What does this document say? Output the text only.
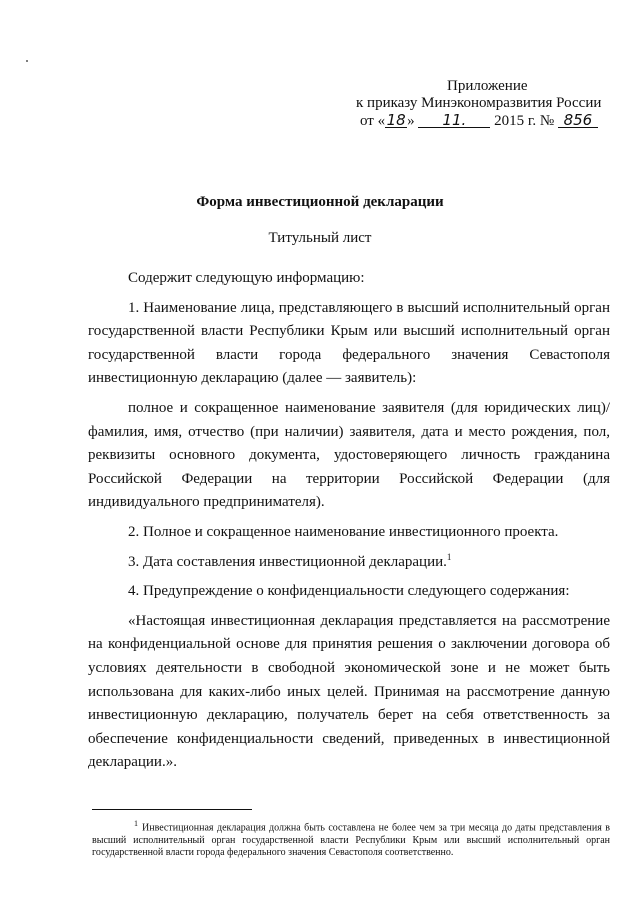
Приложение
к приказу Минэкономразвития России
от «18» 11. 2015 г. № 856
Форма инвестиционной декларации
Титульный лист

Содержит следующую информацию:

1. Наименование лица, представляющего в высший исполнительный орган государственной власти Республики Крым или высший исполнительный орган государственной власти города федерального значения Севастополя инвестиционную декларацию (далее — заявитель):

полное и сокращенное наименование заявителя (для юридических лиц)/фамилия, имя, отчество (при наличии) заявителя, дата и место рождения, пол, реквизиты основного документа, удостоверяющего личность гражданина Российской Федерации на территории Российской Федерации (для индивидуального предпринимателя).

2. Полное и сокращенное наименование инвестиционного проекта.

3. Дата составления инвестиционной декларации.$^1$

4. Предупреждение о конфиденциальности следующего содержания:

«Настоящая инвестиционная декларация представляется на рассмотрение на конфиденциальной основе для принятия решения о заключении договора об условиях деятельности в свободной экономической зоне и не может быть использована для каких-либо иных целей. Принимая на рассмотрение данную инвестиционную декларацию, получатель берет на себя ответственность за обеспечение конфиденциальности сведений, приведенных в инвестиционной декларации.».

$^1$ Инвестиционная декларация должна быть составлена не более чем за три месяца до даты представления в высший исполнительный орган государственной власти Республики Крым или высший исполнительный орган государственной власти города федерального значения Севастополя соответственно.
